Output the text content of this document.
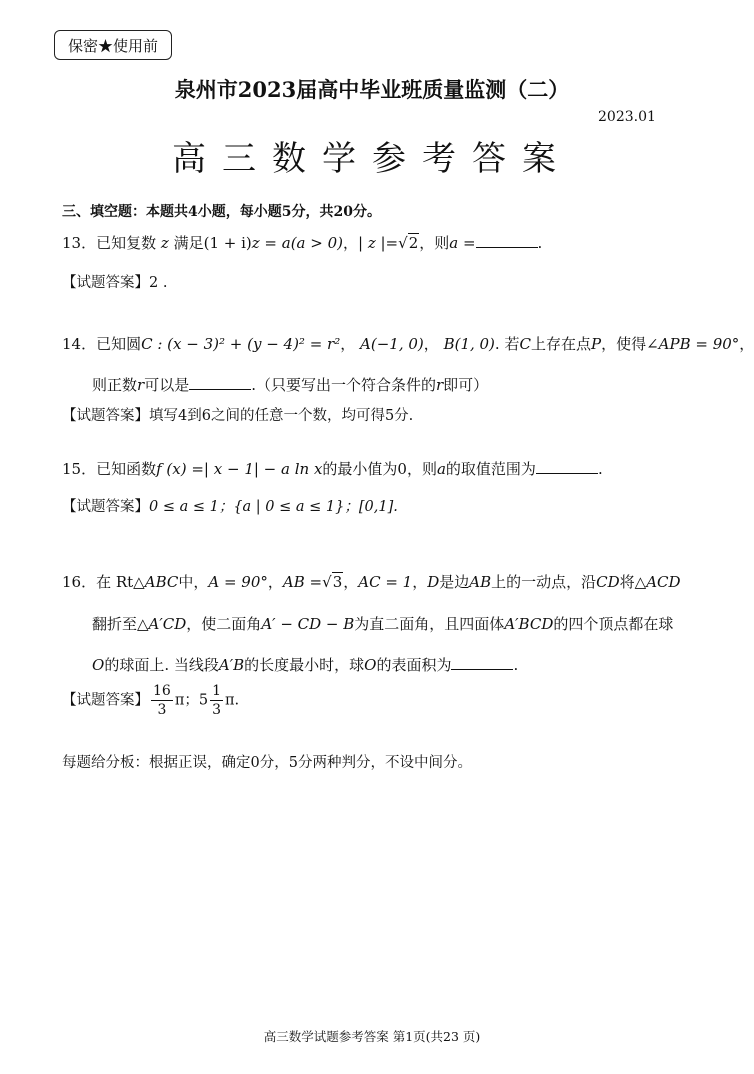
保密★使用前
泉州市2023届高中毕业班质量监测（二）
2023.01
高三数学参考答案
三、填空题：本题共4小题，每小题5分，共20分。
13．已知复数 z 满足(1 + i)z = a(a > 0)，| z |=√2，则a =	.
【试题答案】2 .
14．已知圆C : (x − 3)² + (y − 4)² = r²， A(−1, 0)， B(1, 0). 若C上存在点P，使得∠APB = 90°，
则正数r可以是	.（只要写出一个符合条件的r即可）
【试题答案】填写4到6之间的任意一个数，均可得5分.
15．已知函数f (x) =| x − 1| − a ln x的最小值为0，则a的取值范围为	.
【试题答案】0 ≤ a ≤ 1；{a | 0 ≤ a ≤ 1}；[0,1].
16．在 Rt△ABC中，A = 90°，AB =√3，AC = 1，D是边AB上的一动点，沿CD将△ACD
翻折至△A′CD，使二面角A′ − CD − B为直二面角，且四面体A′BCD的四个顶点都在球
O的球面上. 当线段A′B的长度最小时，球O的表面积为	.
【试题答案】 $\frac{16}{3}$ π；$5 \frac{1}{3} \pi$.
每题给分板：根据正误，确定0分，5分两种判分，不设中间分。
高三数学试题参考答案 第1页(共23 页)
